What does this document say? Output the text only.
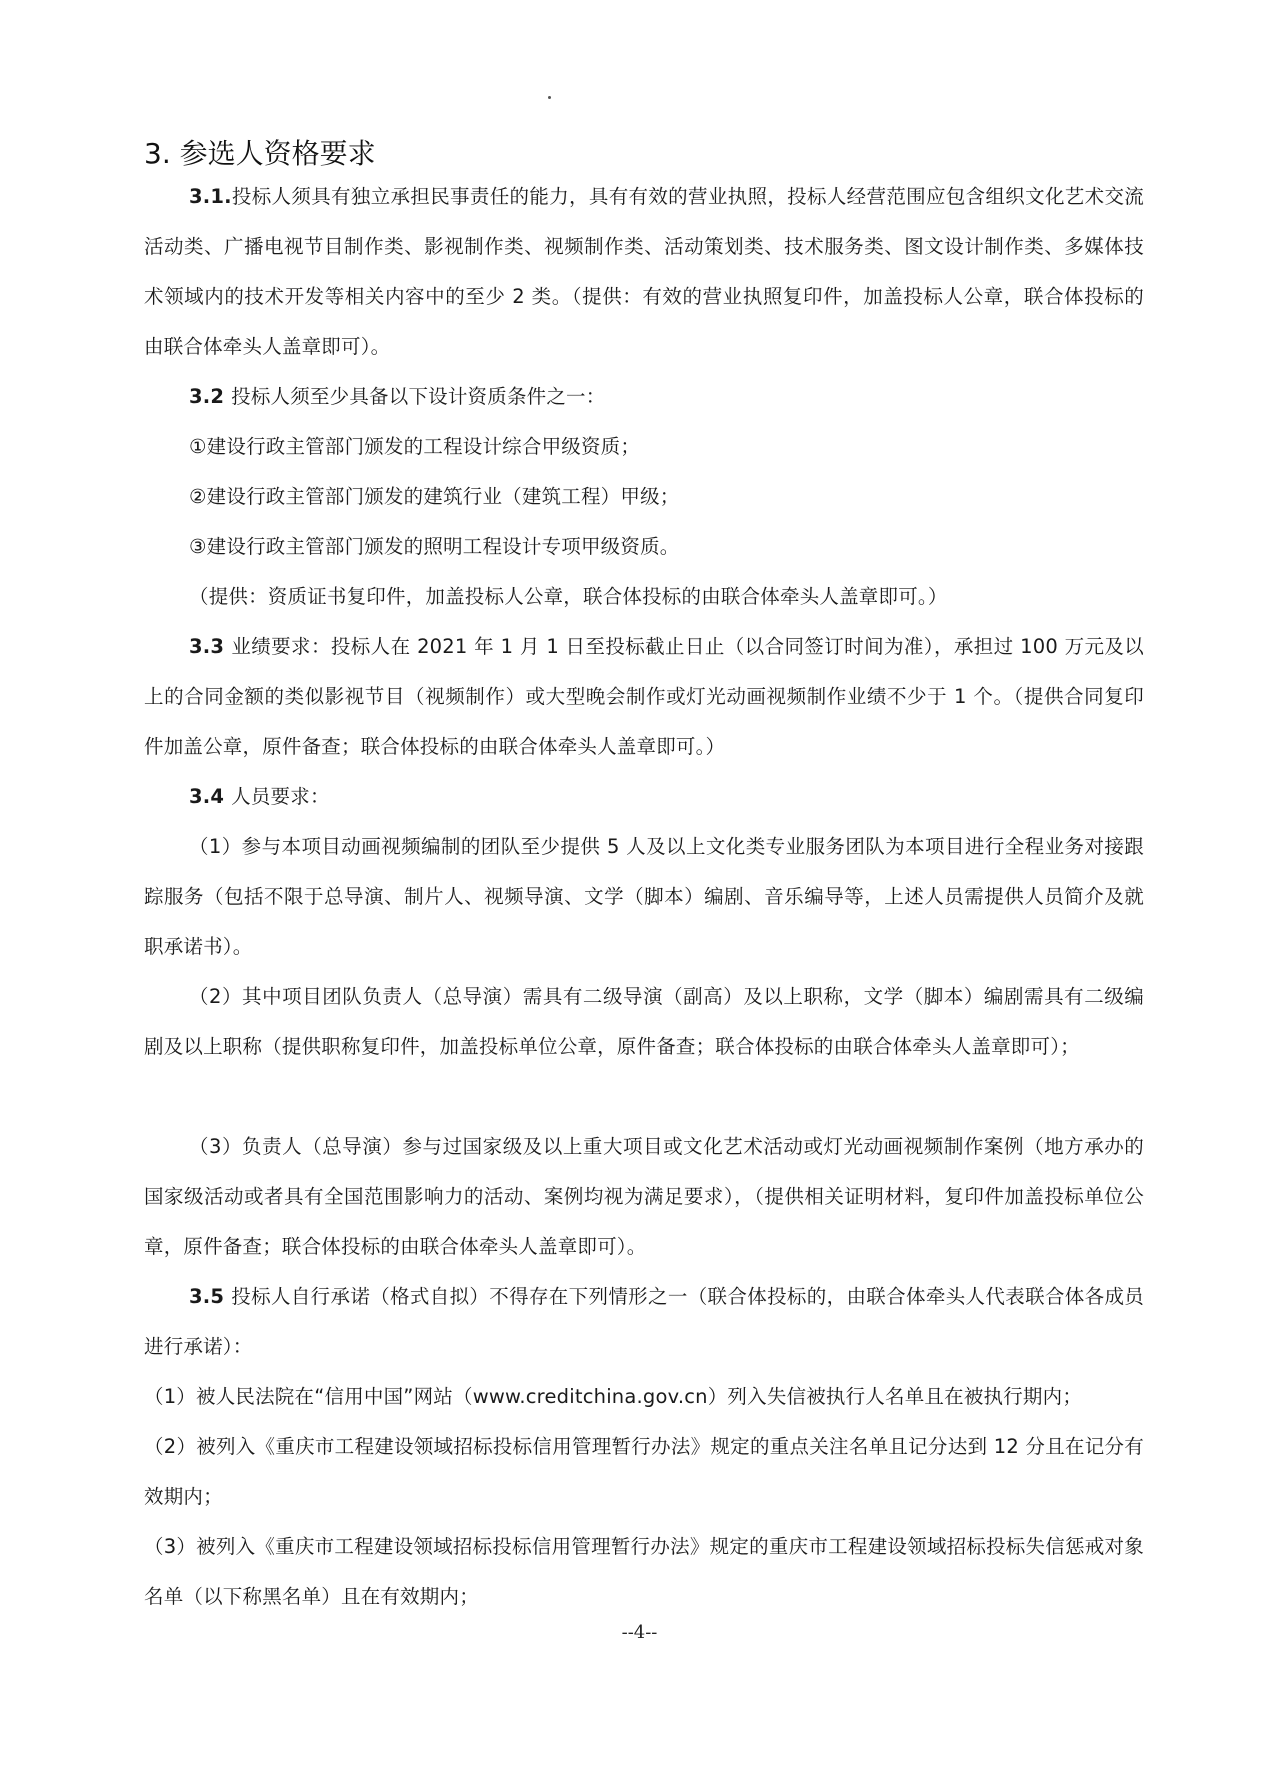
3. 参选人资格要求
3.1.投标人须具有独立承担民事责任的能力，具有有效的营业执照，投标人经营范围应包含组织文化艺术交流活动类、广播电视节目制作类、影视制作类、视频制作类、活动策划类、技术服务类、图文设计制作类、多媒体技术领域内的技术开发等相关内容中的至少 2 类。（提供：有效的营业执照复印件，加盖投标人公章，联合体投标的由联合体牵头人盖章即可）。
3.2 投标人须至少具备以下设计资质条件之一：
①建设行政主管部门颁发的工程设计综合甲级资质；
②建设行政主管部门颁发的建筑行业（建筑工程）甲级；
③建设行政主管部门颁发的照明工程设计专项甲级资质。
（提供：资质证书复印件，加盖投标人公章，联合体投标的由联合体牵头人盖章即可。）
3.3 业绩要求：投标人在 2021 年 1 月 1 日至投标截止日止（以合同签订时间为准），承担过 100 万元及以上的合同金额的类似影视节目（视频制作）或大型晚会制作或灯光动画视频制作业绩不少于 1 个。（提供合同复印件加盖公章，原件备查；联合体投标的由联合体牵头人盖章即可。）
3.4 人员要求：
（1）参与本项目动画视频编制的团队至少提供 5 人及以上文化类专业服务团队为本项目进行全程业务对接跟踪服务（包括不限于总导演、制片人、视频导演、文学（脚本）编剧、音乐编导等，上述人员需提供人员简介及就职承诺书）。
（2）其中项目团队负责人（总导演）需具有二级导演（副高）及以上职称，文学（脚本）编剧需具有二级编剧及以上职称（提供职称复印件，加盖投标单位公章，原件备查；联合体投标的由联合体牵头人盖章即可）；
（3）负责人（总导演）参与过国家级及以上重大项目或文化艺术活动或灯光动画视频制作案例（地方承办的国家级活动或者具有全国范围影响力的活动、案例均视为满足要求），（提供相关证明材料，复印件加盖投标单位公章，原件备查；联合体投标的由联合体牵头人盖章即可）。
3.5 投标人自行承诺（格式自拟）不得存在下列情形之一（联合体投标的，由联合体牵头人代表联合体各成员进行承诺）：
（1）被人民法院在“信用中国”网站（www.creditchina.gov.cn）列入失信被执行人名单且在被执行期内；
（2）被列入《重庆市工程建设领域招标投标信用管理暂行办法》规定的重点关注名单且记分达到 12 分且在记分有效期内；
（3）被列入《重庆市工程建设领域招标投标信用管理暂行办法》规定的重庆市工程建设领域招标投标失信惩戒对象名单（以下称黑名单）且在有效期内；
--4--
